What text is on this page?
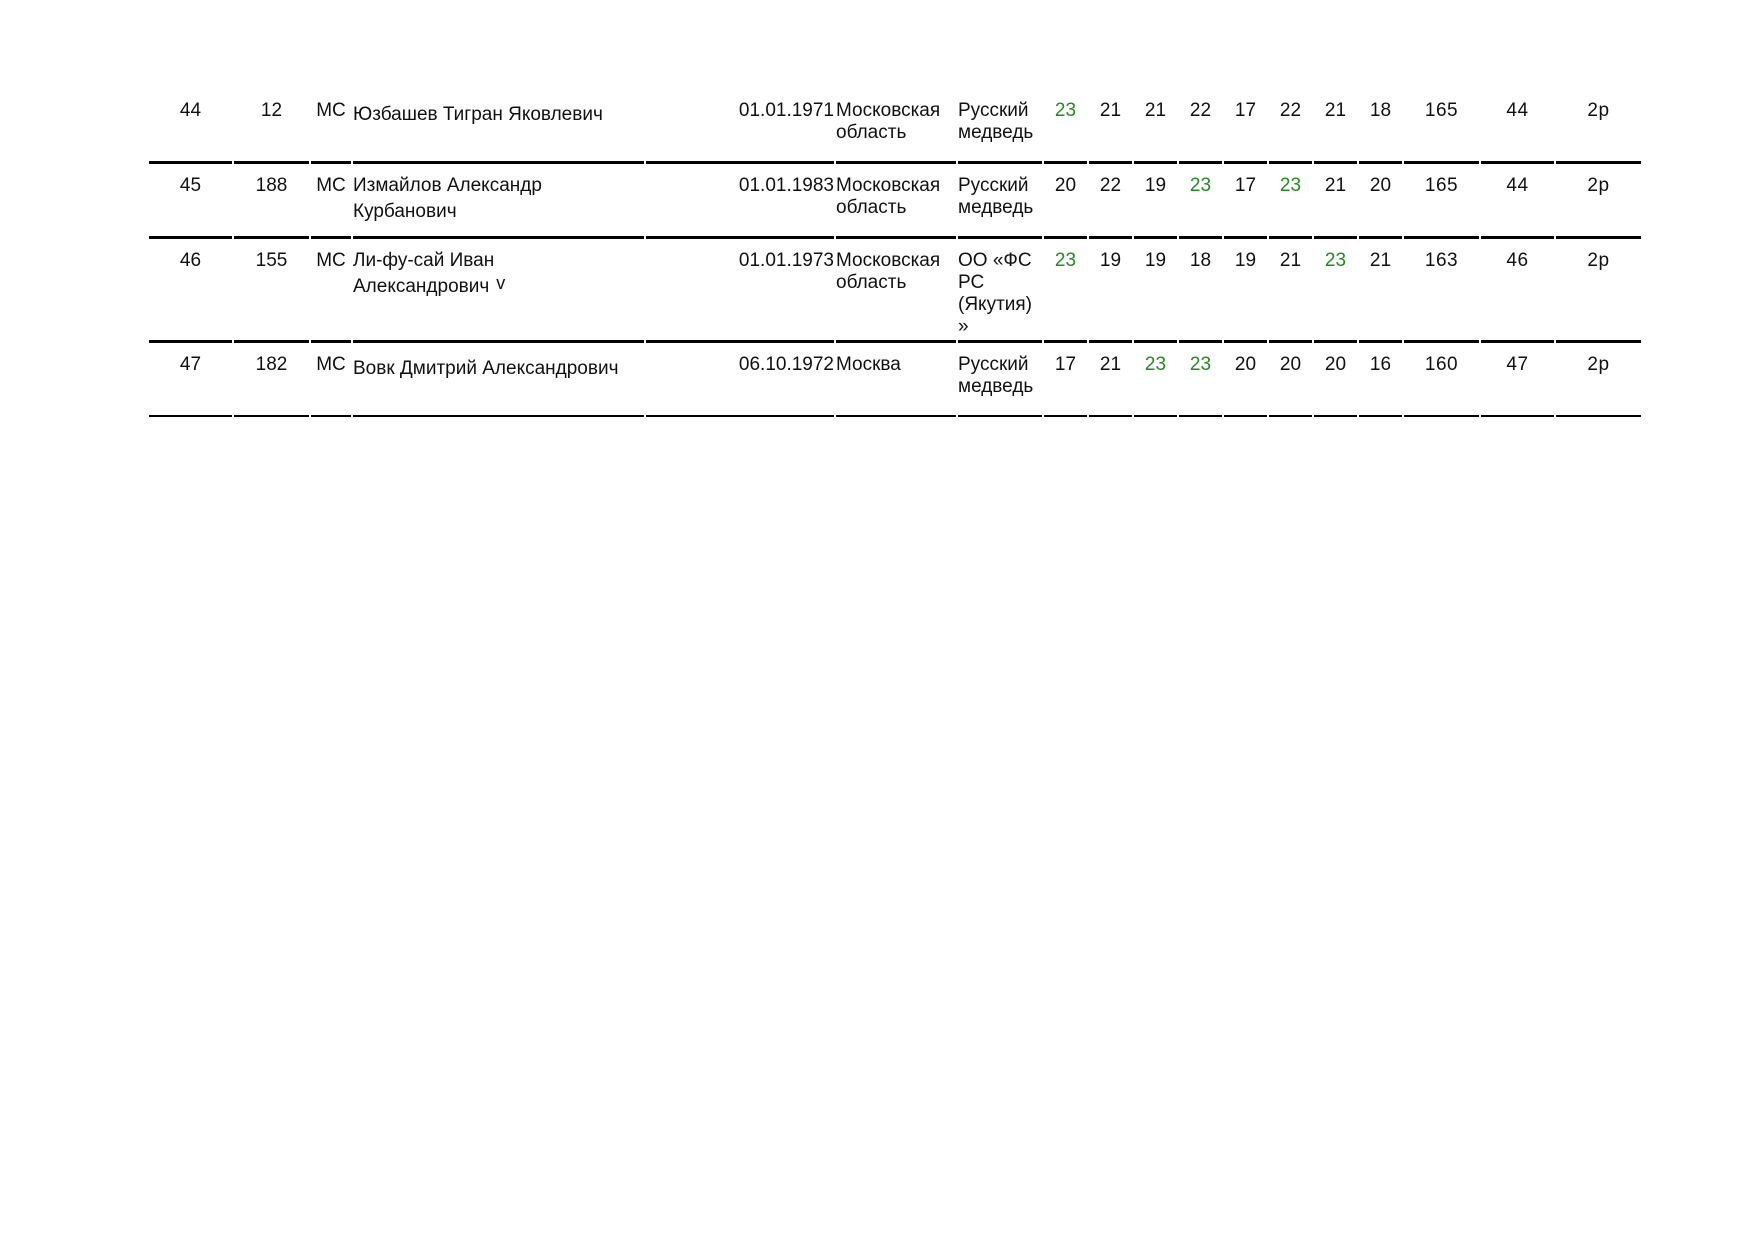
44	12	МС	Юзбашев Тигран Яковлевич	01.01.1971	Московская область	Русский медведь	23	21	21	22	17	22	21	18	165	44	2р
45	188	МС	Измайлов Александр Курбанович	01.01.1983	Московская область	Русский медведь	20	22	19	23	17	23	21	20	165	44	2р
46	155	МС	Ли-фу-сай Иван Александрович v	01.01.1973	Московская область	ОО «ФС РС (Якутия) »	23	19	19	18	19	21	23	21	163	46	2р
47	182	МС	Вовк Дмитрий Александрович	06.10.1972	Москва	Русский медведь	17	21	23	23	20	20	20	16	160	47	2р
